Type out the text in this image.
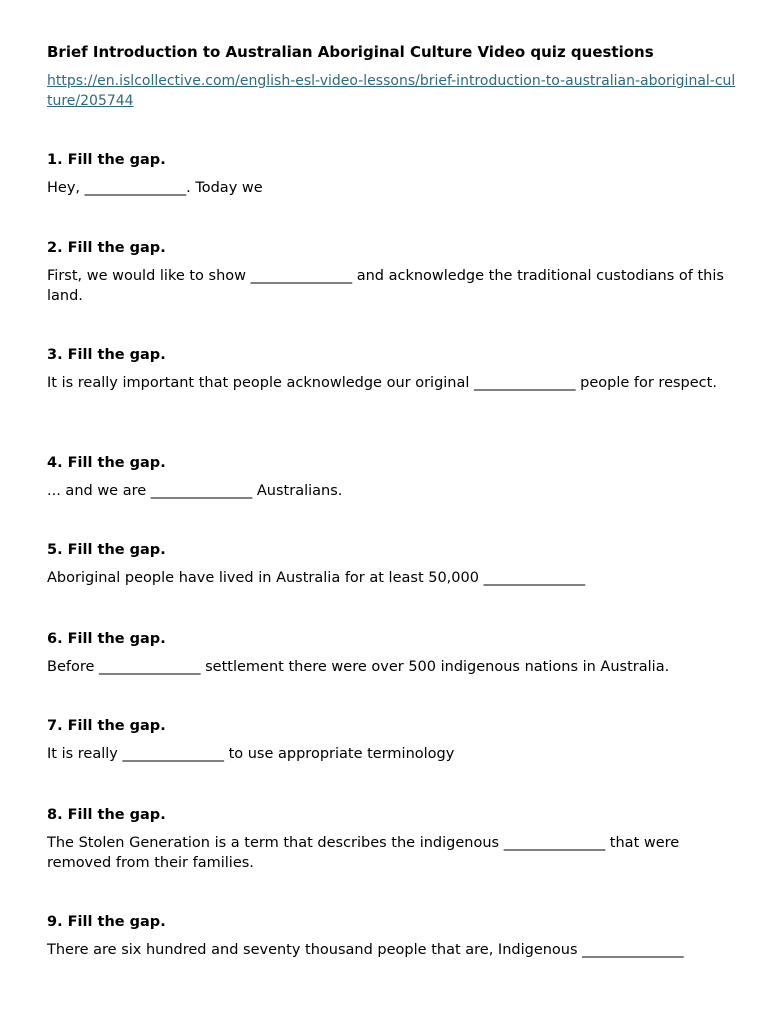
Brief Introduction to Australian Aboriginal Culture Video quiz questions
https://en.islcollective.com/english-esl-video-lessons/brief-introduction-to-australian-aboriginal-culture/205744

1. Fill the gap.

Hey, ______________. Today we

2. Fill the gap.

First, we would like to show ______________ and acknowledge the traditional custodians of this land.

3. Fill the gap.

It is really important that people acknowledge our original ______________ people for respect.

4. Fill the gap.

... and we are ______________ Australians.

5. Fill the gap.

Aboriginal people have lived in Australia for at least 50,000 ______________

6. Fill the gap.

Before ______________ settlement there were over 500 indigenous nations in Australia.

7. Fill the gap.

It is really ______________ to use appropriate terminology

8. Fill the gap.

The Stolen Generation is a term that describes the indigenous ______________ that were removed from their families.

9. Fill the gap.

There are six hundred and seventy thousand people that are, Indigenous ______________
